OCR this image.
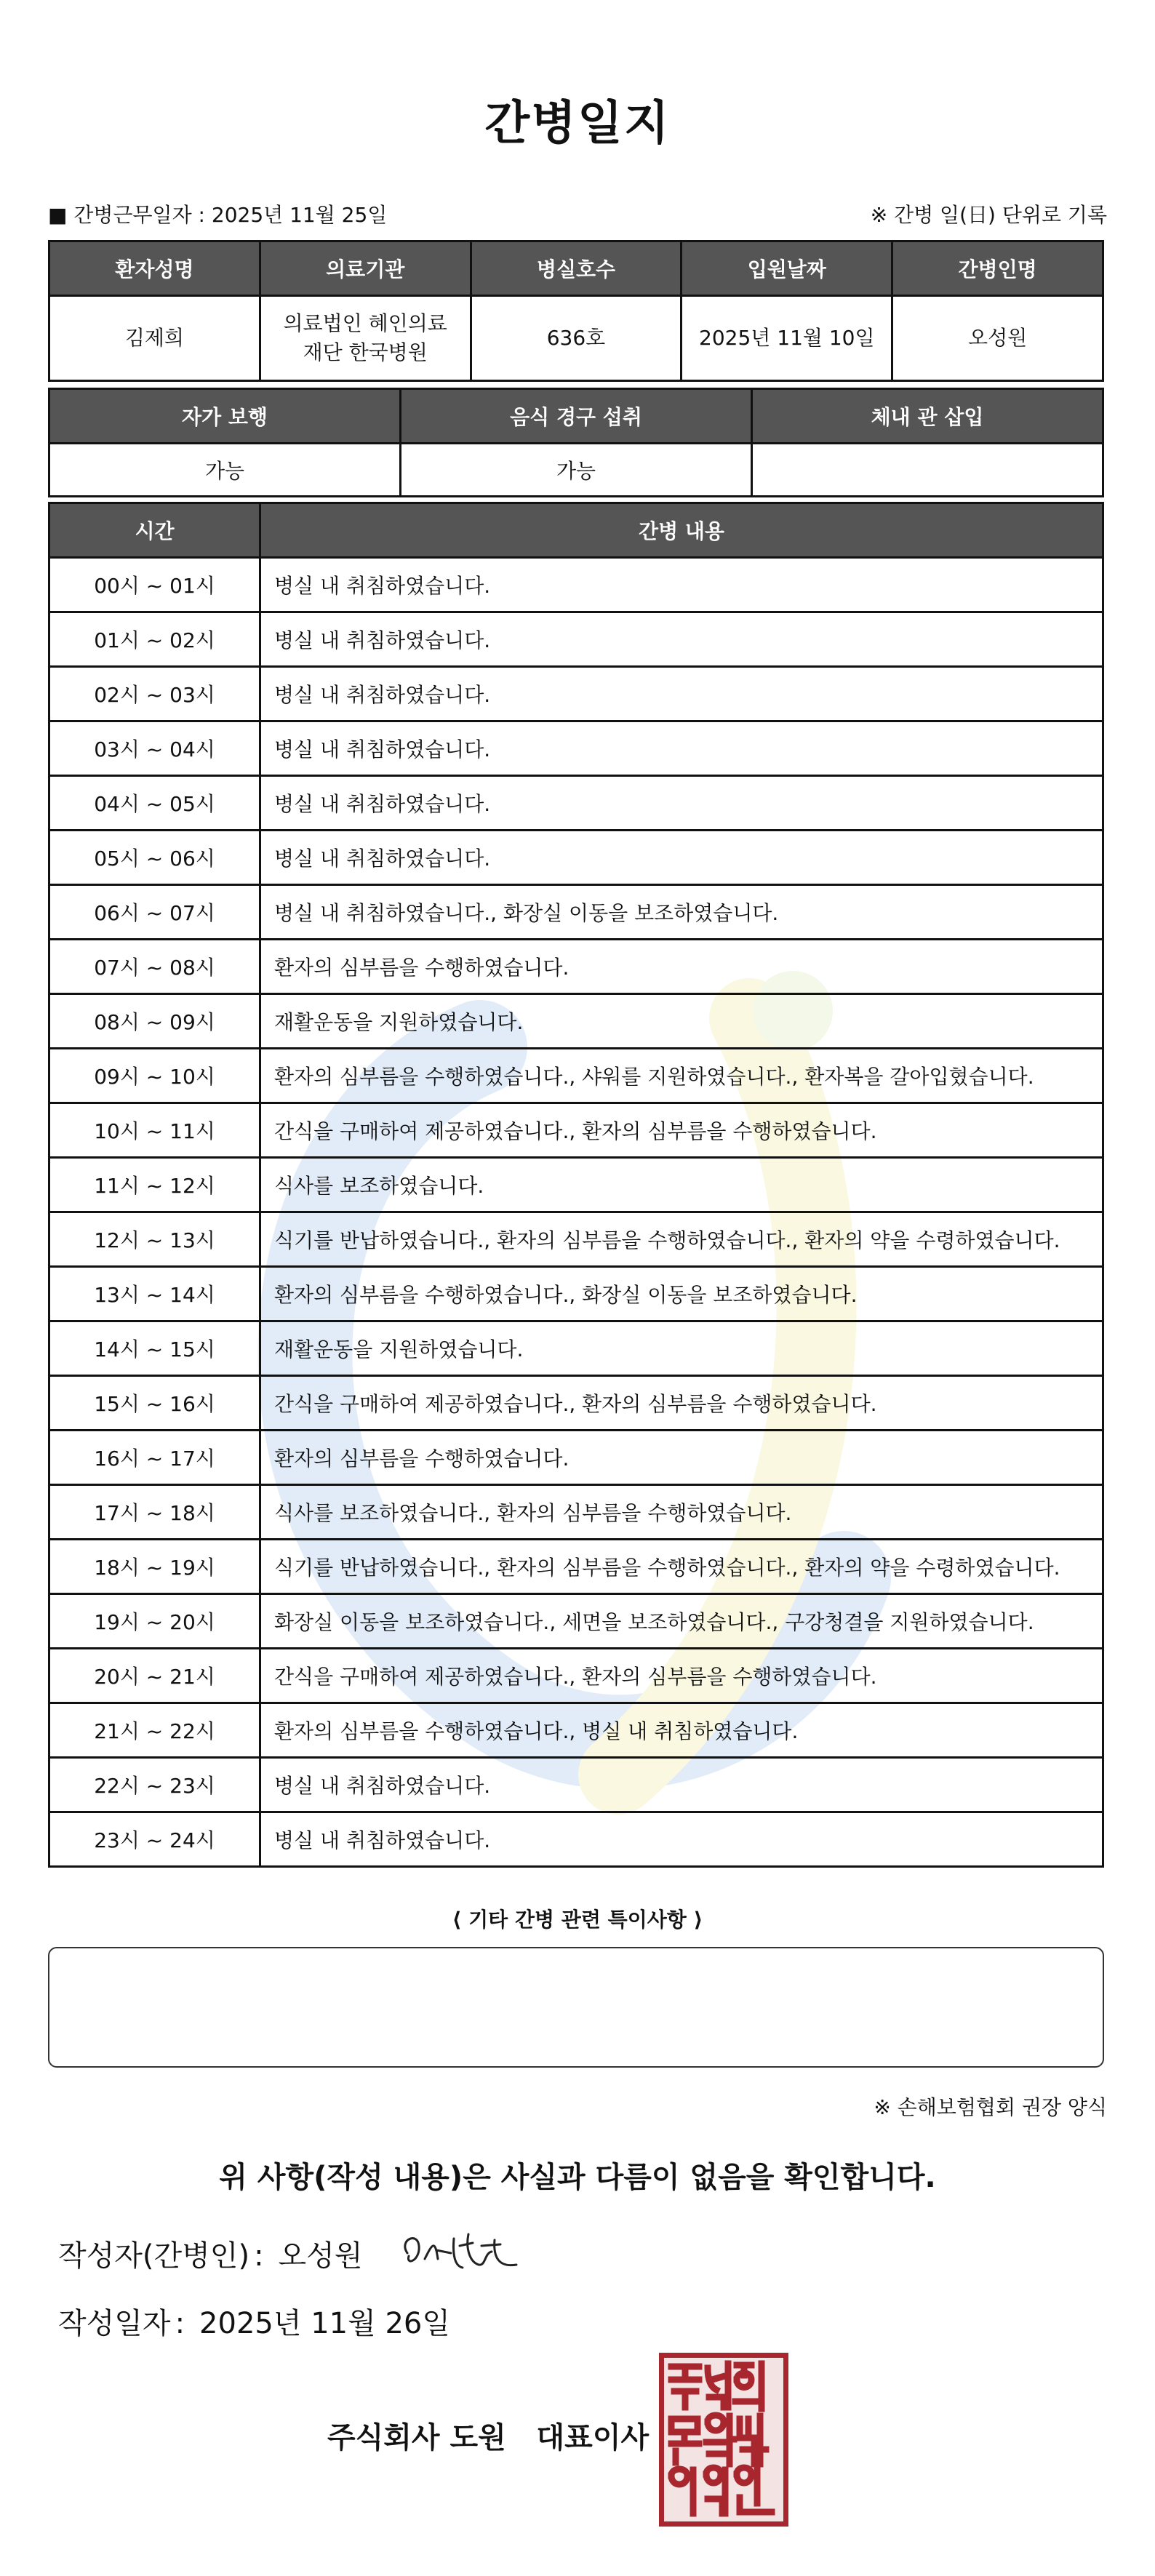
간병일지
■ 간병근무일자 : 2025년 11월 25일	※ 간병 일(日) 단위로 기록
환자성명	의료기관	병실호수	입원날짜	간병인명
김제희	의료법인 혜인의료재단 한국병원	636호	2025년 11월 10일	오성원
자가 보행	음식 경구 섭취	체내 관 삽입
가능	가능	
시간	간병 내용
00시 ~ 01시	병실 내 취침하였습니다.
01시 ~ 02시	병실 내 취침하였습니다.
02시 ~ 03시	병실 내 취침하였습니다.
03시 ~ 04시	병실 내 취침하였습니다.
04시 ~ 05시	병실 내 취침하였습니다.
05시 ~ 06시	병실 내 취침하였습니다.
06시 ~ 07시	병실 내 취침하였습니다., 화장실 이동을 보조하였습니다.
07시 ~ 08시	환자의 심부름을 수행하였습니다.
08시 ~ 09시	재활운동을 지원하였습니다.
09시 ~ 10시	환자의 심부름을 수행하였습니다., 샤워를 지원하였습니다., 환자복을 갈아입혔습니다.
10시 ~ 11시	간식을 구매하여 제공하였습니다., 환자의 심부름을 수행하였습니다.
11시 ~ 12시	식사를 보조하였습니다.
12시 ~ 13시	식기를 반납하였습니다., 환자의 심부름을 수행하였습니다., 환자의 약을 수령하였습니다.
13시 ~ 14시	환자의 심부름을 수행하였습니다., 화장실 이동을 보조하였습니다.
14시 ~ 15시	재활운동을 지원하였습니다.
15시 ~ 16시	간식을 구매하여 제공하였습니다., 환자의 심부름을 수행하였습니다.
16시 ~ 17시	환자의 심부름을 수행하였습니다.
17시 ~ 18시	식사를 보조하였습니다., 환자의 심부름을 수행하였습니다.
18시 ~ 19시	식기를 반납하였습니다., 환자의 심부름을 수행하였습니다., 환자의 약을 수령하였습니다.
19시 ~ 20시	화장실 이동을 보조하였습니다., 세면을 보조하였습니다., 구강청결을 지원하였습니다.
20시 ~ 21시	간식을 구매하여 제공하였습니다., 환자의 심부름을 수행하였습니다.
21시 ~ 22시	환자의 심부름을 수행하였습니다., 병실 내 취침하였습니다.
22시 ~ 23시	병실 내 취침하였습니다.
23시 ~ 24시	병실 내 취침하였습니다.
⟨ 기타 간병 관련 특이사항 ⟩
※ 손해보험협회 권장 양식
위 사항(작성 내용)은 사실과 다름이 없음을 확인합니다.
작성자(간병인) : 오성원
작성일자 : 2025년 11월 26일
주식회사 도원   대표이사
